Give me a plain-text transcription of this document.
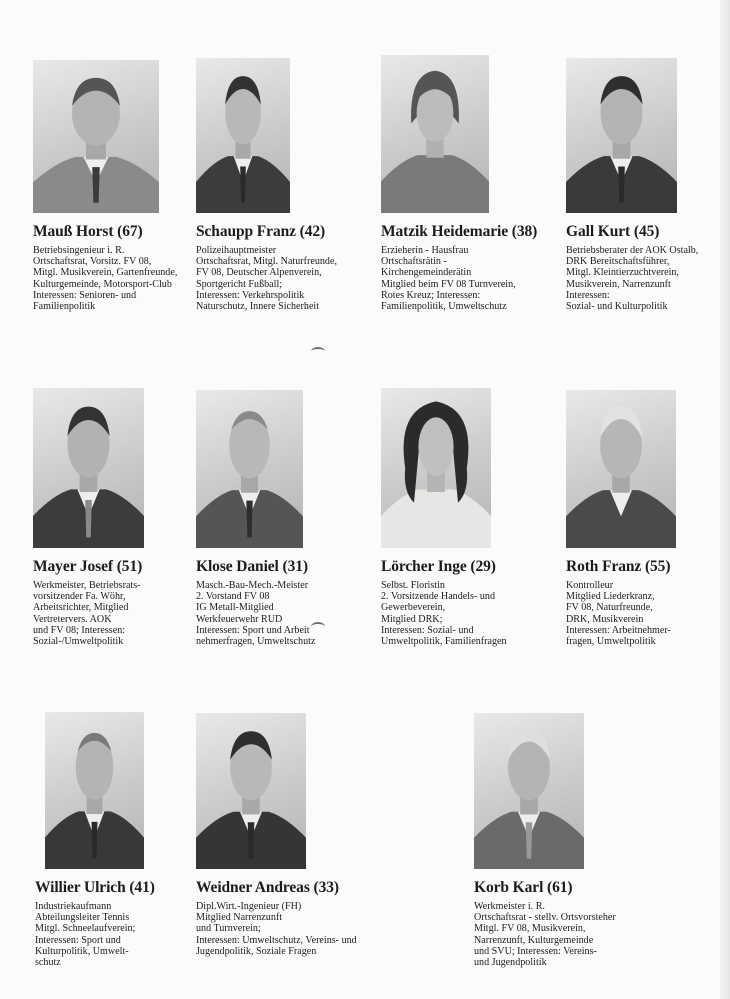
Mauß Horst (67)
Betriebsingenieur i. R.
Ortschaftsrat, Vorsitz. FV 08,
Mitgl. Musikverein, Gartenfreunde,
Kulturgemeinde, Motorsport-Club
Interessen: Senioren- und
Familienpolitik
Schaupp Franz (42)
Polizeihauptmeister
Ortschaftsrat, Mitgl. Naturfreunde,
FV 08, Deutscher Alpenverein,
Sportgericht Fußball;
Interessen: Verkehrspolitik
Naturschutz, Innere Sicherheit
Matzik Heidemarie (38)
Erzieherin - Hausfrau
Ortschaftsrätin -
Kirchengemeinderätin
Mitglied beim FV 08 Turnverein,
Rotes Kreuz; Interessen:
Familienpolitik, Umweltschutz
Gall Kurt (45)
Betriebsberater der AOK Ostalb,
DRK Bereitschaftsführer,
Mitgl. Kleintierzuchtverein,
Musikverein, Narrenzunft
Interessen:
Sozial- und Kulturpolitik
Mayer Josef (51)
Werkmeister, Betriebsrats-
vorsitzender Fa. Wöhr,
Arbeitsrichter, Mitglied
Vertretervers. AOK
und FV 08; Interessen:
Sozial-/Umweltpolitik
Klose Daniel (31)
Masch.-Bau-Mech.-Meister
2. Vorstand FV 08
IG Metall-Mitglied
Werkfeuerwehr RUD
Interessen: Sport und Arbeit
nehmerfragen, Umweltschutz
Lörcher Inge (29)
Selbst. Floristin
2. Vorsitzende Handels- und
Gewerbeverein,
Mitglied DRK;
Interessen: Sozial- und
Umweltpolitik, Familienfragen
Roth Franz (55)
Kontrolleur
Mitglied Liederkranz,
FV 08, Naturfreunde,
DRK, Musikverein
Interessen: Arbeitnehmer-
fragen, Umweltpolitik
Willier Ulrich (41)
Industriekaufmann
Abteilungsleiter Tennis
Mitgl. Schneelaufverein;
Interessen: Sport und
Kulturpolitik, Umwelt-
schutz
Weidner Andreas (33)
Dipl.Wirt.-Ingenieur (FH)
Mitglied Narrenzunft
und Turnverein;
Interessen: Umweltschutz, Vereins- und
Jugendpolitik, Soziale Fragen
Korb Karl (61)
Werkmeister i. R.
Ortschaftsrat - stellv. Ortsvorsteher
Mitgl. FV 08, Musikverein,
Narrenzunft, Kulturgemeinde
und SVU; Interessen: Vereins-
und Jugendpolitik
